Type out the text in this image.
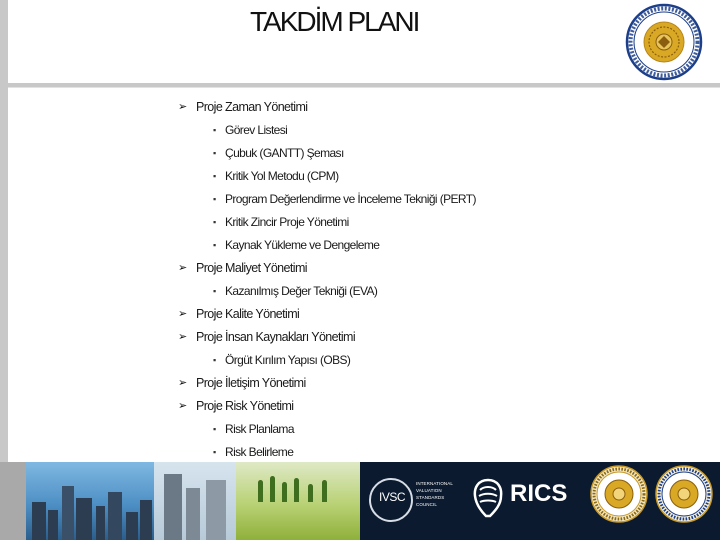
TAKDİM PLANI
➢ Proje Zaman Yönetimi
▪ Görev Listesi
▪ Çubuk (GANTT) Şeması
▪ Kritik Yol Metodu (CPM)
▪ Program Değerlendirme ve İnceleme Tekniği (PERT)
▪ Kritik Zincir Proje Yönetimi
▪ Kaynak Yükleme ve Dengeleme
➢ Proje Maliyet Yönetimi
▪ Kazanılmış Değer Tekniği (EVA)
➢ Proje Kalite Yönetimi
➢ Proje İnsan Kaynakları Yönetimi
▪ Örgüt Kırılım Yapısı (OBS)
➢ Proje İletişim Yönetimi
➢ Proje Risk Yönetimi
▪ Risk Planlama
▪ Risk Belirleme
IVSC
INTERNATIONAL
VALUATION
STANDARDS
COUNCIL	RICS
